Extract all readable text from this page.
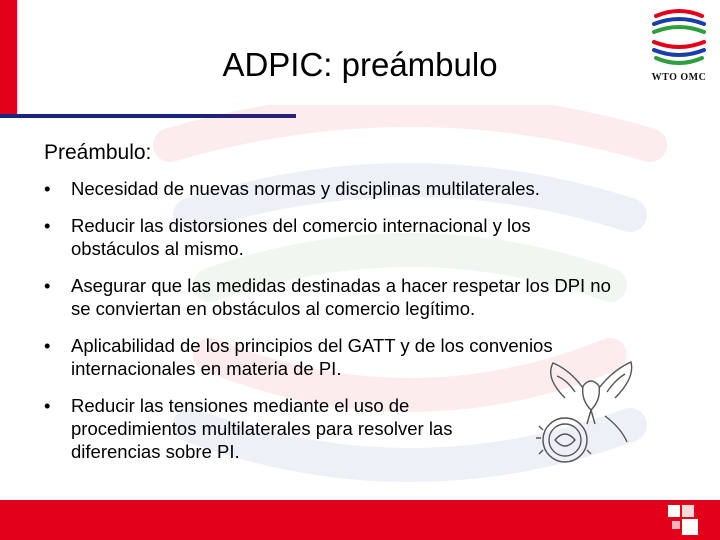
ADPIC: preámbulo	WTO OMC
Preámbulo:
• Necesidad de nuevas normas y disciplinas multilaterales.
• Reducir las distorsiones del comercio internacional y los obstáculos al mismo.
• Asegurar que las medidas destinadas a hacer respetar los DPI no se conviertan en obstáculos al comercio legítimo.
• Aplicabilidad de los principios del GATT y de los convenios internacionales en materia de PI.
• Reducir las tensiones mediante el uso de procedimientos multilaterales para resolver las diferencias sobre PI.
